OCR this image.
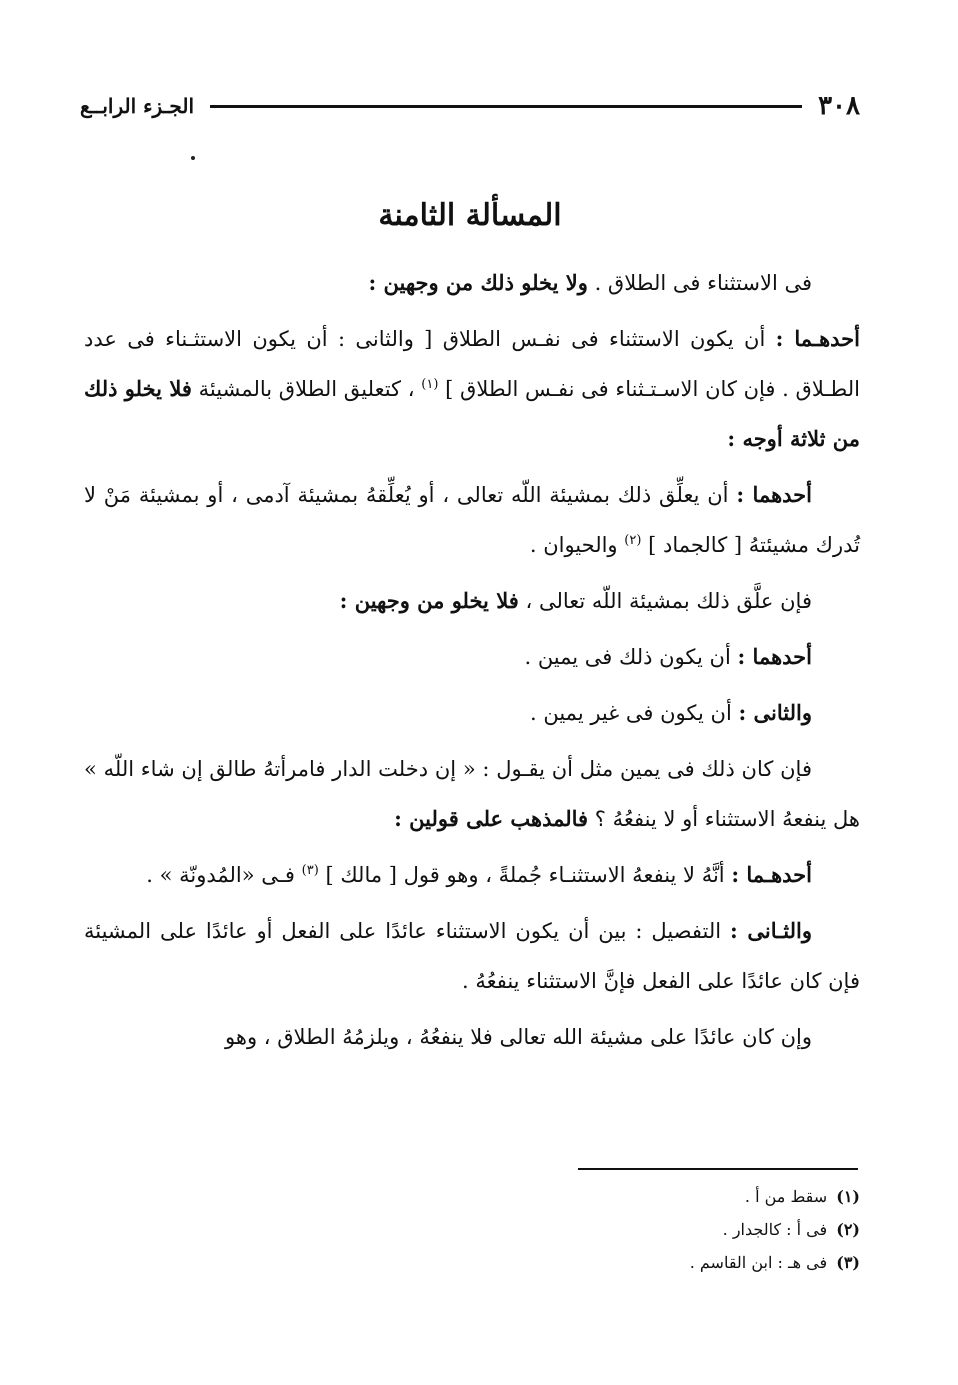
٣٠٨
الجـزء الرابــع
المسألة الثامنة

فى الاستثناء فى الطلاق . ولا يخلو ذلك من وجهين :

أحدهـما : أن يكون الاستثناء فى نفـس الطلاق [ والثانى : أن يكون الاستثـناء فى عدد الطـلاق . فإن كان الاسـتـثناء فى نفـس الطلاق ] $^{(١)}$ ، كتعليق الطلاق بالمشيئة فلا يخلو ذلك من ثلاثة أوجه :

أحدهما : أن يعلِّق ذلك بمشيئة اللّه تعالى ، أو يُعلِّقهُ بمشيئة آدمى ، أو بمشيئة مَنْ لا تُدرك مشيئتهُ [ كالجماد ] $^{(٢)}$ والحيوان .

فإن علَّق ذلك بمشيئة اللّه تعالى ، فلا يخلو من وجهين :

أحدهما : أن يكون ذلك فى يمين .

والثانى : أن يكون فى غير يمين .

فإن كان ذلك فى يمين مثل أن يقـول : « إن دخلت الدار فامرأتهُ طالق إن شاء اللّه » هل ينفعهُ الاستثناء أو لا ينفعُهُ ؟ فالمذهب على قولين :

أحدهـما : أنَّهُ لا ينفعهُ الاستثنـاء جُملةً ، وهو قول [ مالك ] $^{(٣)}$ فـى «المُدونّة » .

والثـانى : التفصيل : بين أن يكون الاستثناء عائدًا على الفعل أو عائدًا على المشيئة فإن كان عائدًا على الفعل فإنَّ الاستثناء ينفعُهُ .

وإن كان عائدًا على مشيئة الله تعالى فلا ينفعُهُ ، ويلزمُهُ الطلاق ، وهو

(١) سقط من أ .
(٢) فى أ : كالجدار .
(٣) فى هـ : ابن القاسم .
